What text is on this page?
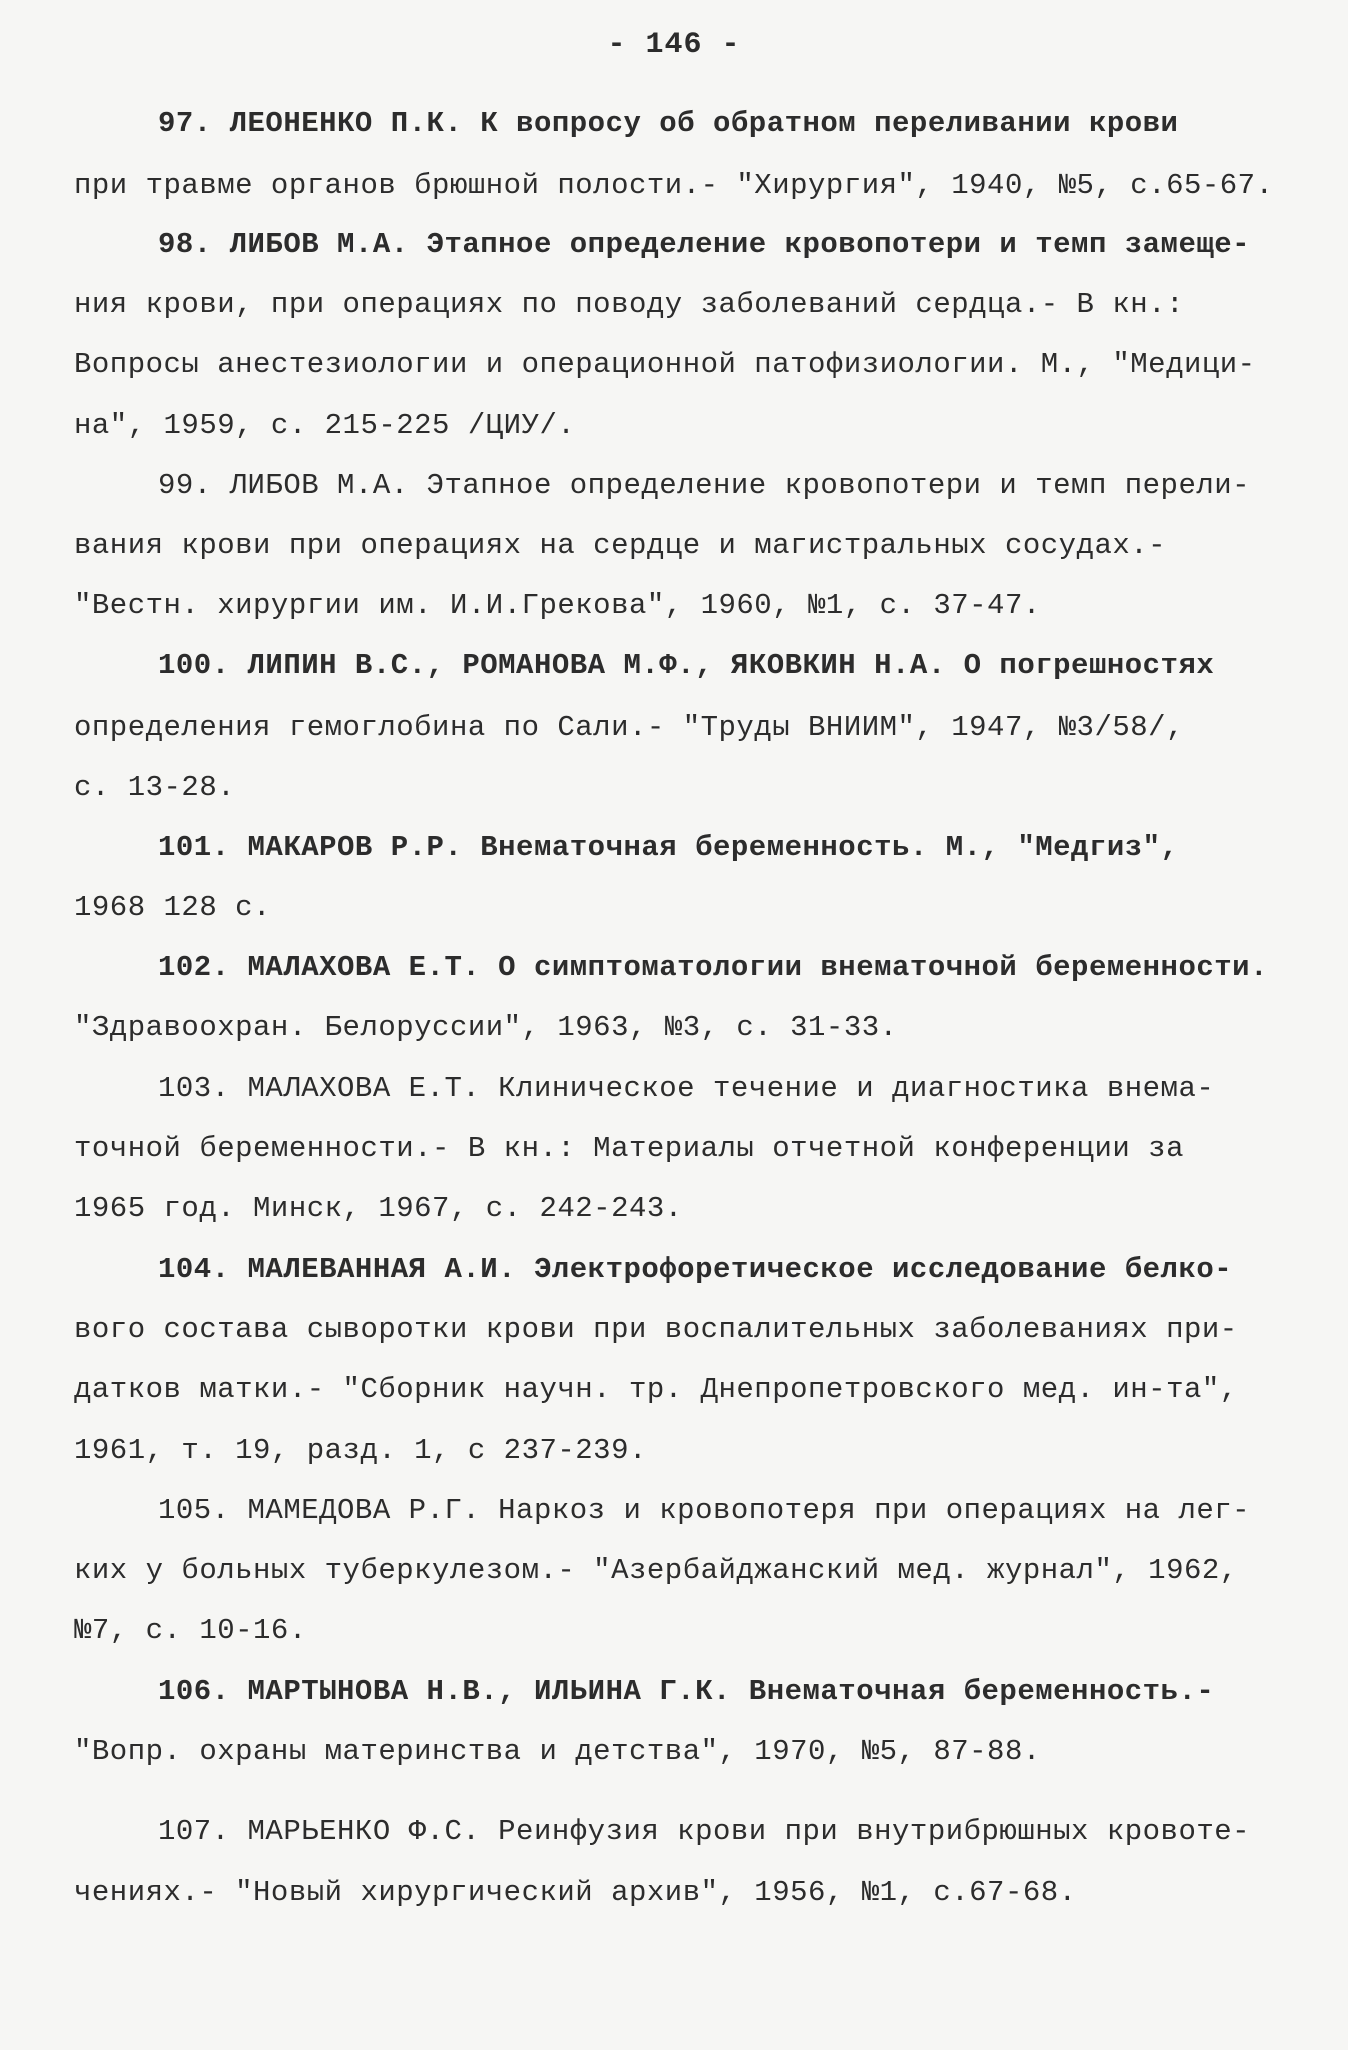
- 146 -
97. ЛЕОНЕНКО П.К. К вопросу об обратном переливании крови
при травме органов брюшной полости.- "Хирургия", 1940, №5, с.65-67.
98. ЛИБОВ М.А. Этапное определение кровопотери и темп замеще-
ния крови, при операциях по поводу заболеваний сердца.- В кн.:
Вопросы анестезиологии и операционной патофизиологии. М., "Медици-
на", 1959, с. 215-225 /ЦИУ/.
99. ЛИБОВ М.А. Этапное определение кровопотери и темп перели-
вания крови при операциях на сердце и магистральных сосудах.-
"Вестн. хирургии им. И.И.Грекова", 1960, №1, с. 37-47.
100. ЛИПИН В.С., РОМАНОВА М.Ф., ЯКОВКИН Н.А. О погрешностях
определения гемоглобина по Сали.- "Труды ВНИИМ", 1947, №3/58/,
с. 13-28.
101. МАКАРОВ Р.Р. Внематочная беременность. М., "Медгиз",
1968 128 с.
102. МАЛАХОВА Е.Т. О симптоматологии внематочной беременности.
"Здравоохран. Белоруссии", 1963, №3, с. 31-33.
103. МАЛАХОВА Е.Т. Клиническое течение и диагностика внема-
точной беременности.- В кн.: Материалы отчетной конференции за
1965 год. Минск, 1967, с. 242-243.
104. МАЛЕВАННАЯ А.И. Электрофоретическое исследование белко-
вого состава сыворотки крови при воспалительных заболеваниях при-
датков матки.- "Сборник научн. тр. Днепропетровского мед. ин-та",
1961, т. 19, разд. 1, с 237-239.
105. МАМЕДОВА Р.Г. Наркоз и кровопотеря при операциях на лег-
ких у больных туберкулезом.- "Азербайджанский мед. журнал", 1962,
№7, с. 10-16.
106. МАРТЫНОВА Н.В., ИЛЬИНА Г.К. Внематочная беременность.-
"Вопр. охраны материнства и детства", 1970, №5, 87-88.
107. МАРЬЕНКО Ф.С. Реинфузия крови при внутрибрюшных кровоте-
чениях.- "Новый хирургический архив", 1956, №1, с.67-68.
